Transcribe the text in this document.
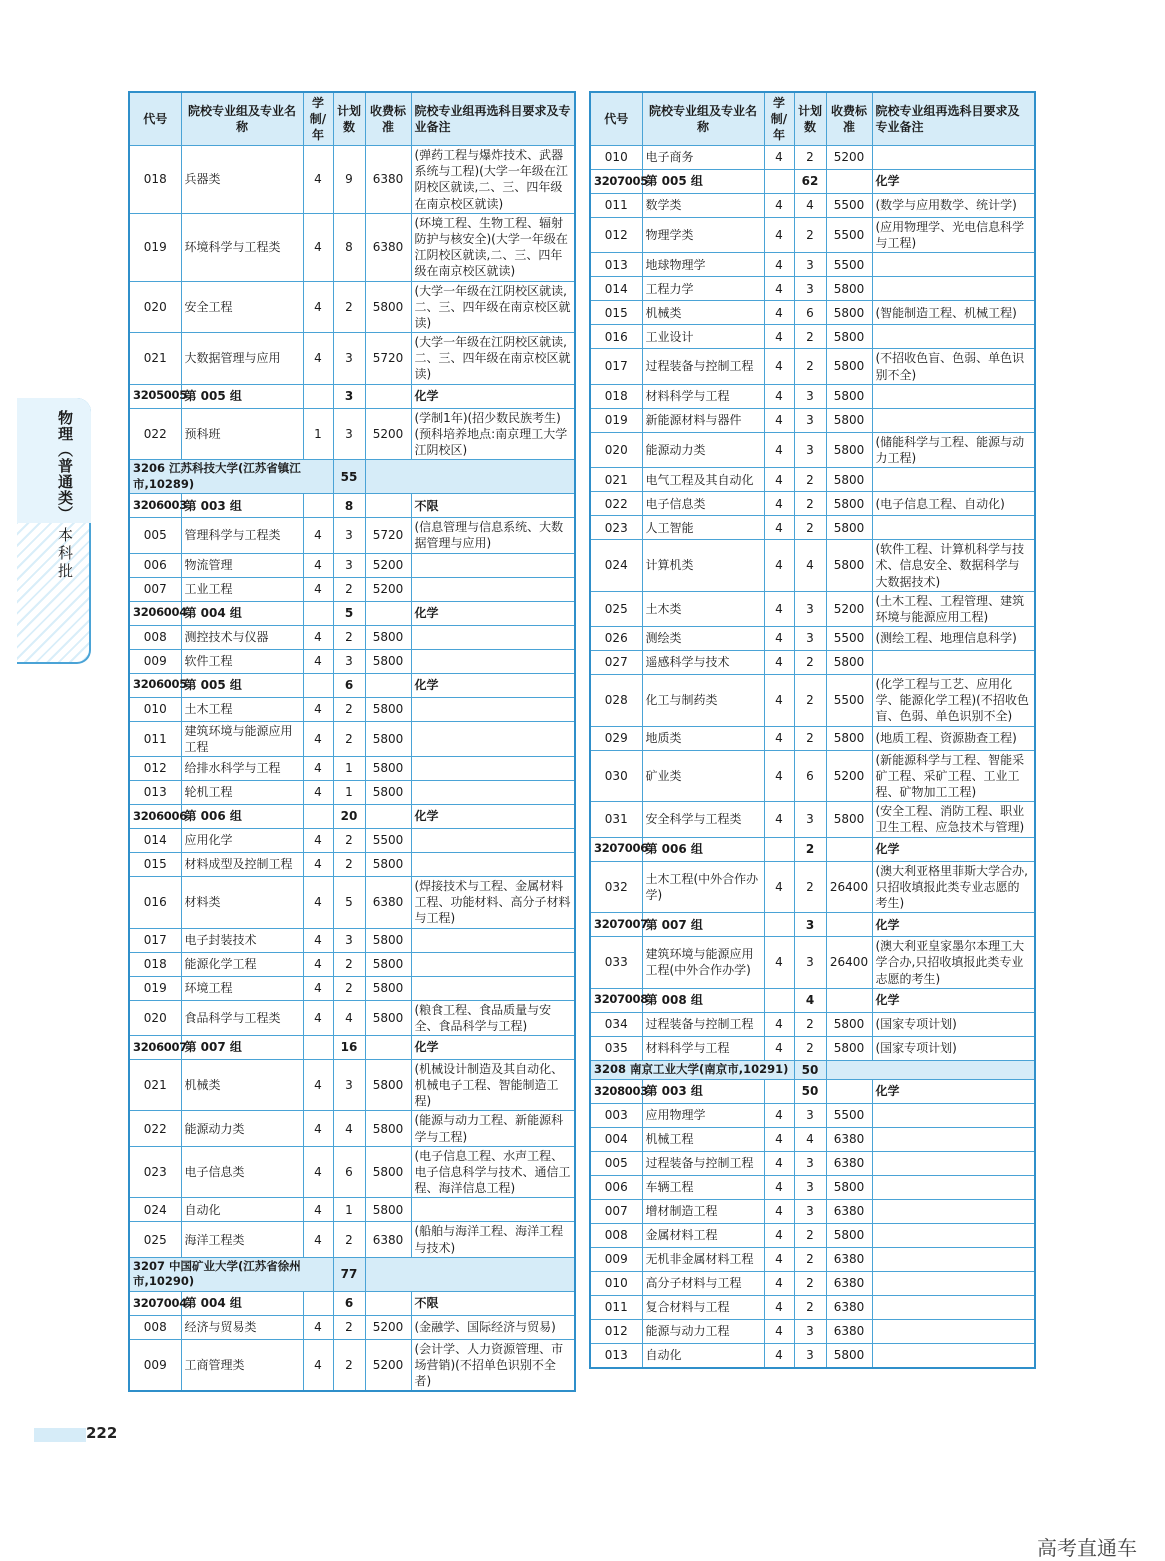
物理（普通类）
本科批
代号	院校专业组及专业名称	学制/年	计划数	收费标准	院校专业组再选科目要求及专业备注
018	兵器类	4	9	6380	(弹药工程与爆炸技术、武器系统与工程)(大学一年级在江阴校区就读,二、三、四年级在南京校区就读)
019	环境科学与工程类	4	8	6380	(环境工程、生物工程、辐射防护与核安全)(大学一年级在江阴校区就读,二、三、四年级在南京校区就读)
020	安全工程	4	2	5800	(大学一年级在江阴校区就读,二、三、四年级在南京校区就读)
021	大数据管理与应用	4	3	5720	(大学一年级在江阴校区就读,二、三、四年级在南京校区就读)
3205005	第 005 组		3		化学
022	预科班	1	3	5200	(学制1年)(招少数民族考生)(预科培养地点:南京理工大学江阴校区)
3206 江苏科技大学(江苏省镇江市,10289)			55		
3206003	第 003 组		8		不限
005	管理科学与工程类	4	3	5720	(信息管理与信息系统、大数据管理与应用)
006	物流管理	4	3	5200	
007	工业工程	4	2	5200	
3206004	第 004 组		5		化学
008	测控技术与仪器	4	2	5800	
009	软件工程	4	3	5800	
3206005	第 005 组		6		化学
010	土木工程	4	2	5800	
011	建筑环境与能源应用工程	4	2	5800	
012	给排水科学与工程	4	1	5800	
013	轮机工程	4	1	5800	
3206006	第 006 组		20		化学
014	应用化学	4	2	5500	
015	材料成型及控制工程	4	2	5800	
016	材料类	4	5	6380	(焊接技术与工程、金属材料工程、功能材料、高分子材料与工程)
017	电子封装技术	4	3	5800	
018	能源化学工程	4	2	5800	
019	环境工程	4	2	5800	
020	食品科学与工程类	4	4	5800	(粮食工程、食品质量与安全、食品科学与工程)
3206007	第 007 组		16		化学
021	机械类	4	3	5800	(机械设计制造及其自动化、机械电子工程、智能制造工程)
022	能源动力类	4	4	5800	(能源与动力工程、新能源科学与工程)
023	电子信息类	4	6	5800	(电子信息工程、水声工程、电子信息科学与技术、通信工程、海洋信息工程)
024	自动化	4	1	5800	
025	海洋工程类	4	2	6380	(船舶与海洋工程、海洋工程与技术)
3207 中国矿业大学(江苏省徐州市,10290)			77		
3207004	第 004 组		6		不限
008	经济与贸易类	4	2	5200	(金融学、国际经济与贸易)
009	工商管理类	4	2	5200	(会计学、人力资源管理、市场营销)(不招单色识别不全者)
代号	院校专业组及专业名称	学制/年	计划数	收费标准	院校专业组再选科目要求及专业备注
010	电子商务	4	2	5200	
3207005	第 005 组		62		化学
011	数学类	4	4	5500	(数学与应用数学、统计学)
012	物理学类	4	2	5500	(应用物理学、光电信息科学与工程)
013	地球物理学	4	3	5500	
014	工程力学	4	3	5800	
015	机械类	4	6	5800	(智能制造工程、机械工程)
016	工业设计	4	2	5800	
017	过程装备与控制工程	4	2	5800	(不招收色盲、色弱、单色识别不全)
018	材料科学与工程	4	3	5800	
019	新能源材料与器件	4	3	5800	
020	能源动力类	4	3	5800	(储能科学与工程、能源与动力工程)
021	电气工程及其自动化	4	2	5800	
022	电子信息类	4	2	5800	(电子信息工程、自动化)
023	人工智能	4	2	5800	
024	计算机类	4	4	5800	(软件工程、计算机科学与技术、信息安全、数据科学与大数据技术)
025	土木类	4	3	5200	(土木工程、工程管理、建筑环境与能源应用工程)
026	测绘类	4	3	5500	(测绘工程、地理信息科学)
027	遥感科学与技术	4	2	5800	
028	化工与制药类	4	2	5500	(化学工程与工艺、应用化学、能源化学工程)(不招收色盲、色弱、单色识别不全)
029	地质类	4	2	5800	(地质工程、资源勘查工程)
030	矿业类	4	6	5200	(新能源科学与工程、智能采矿工程、采矿工程、工业工程、矿物加工工程)
031	安全科学与工程类	4	3	5800	(安全工程、消防工程、职业卫生工程、应急技术与管理)
3207006	第 006 组		2		化学
032	土木工程(中外合作办学)	4	2	26400	(澳大利亚格里菲斯大学合办,只招收填报此类专业志愿的考生)
3207007	第 007 组		3		化学
033	建筑环境与能源应用工程(中外合作办学)	4	3	26400	(澳大利亚皇家墨尔本理工大学合办,只招收填报此类专业志愿的考生)
3207008	第 008 组		4		化学
034	过程装备与控制工程	4	2	5800	(国家专项计划)
035	材料科学与工程	4	2	5800	(国家专项计划)
3208 南京工业大学(南京市,10291)			50		
3208003	第 003 组		50		化学
003	应用物理学	4	3	5500	
004	机械工程	4	4	6380	
005	过程装备与控制工程	4	3	6380	
006	车辆工程	4	3	5800	
007	增材制造工程	4	3	6380	
008	金属材料工程	4	2	5800	
009	无机非金属材料工程	4	2	6380	
010	高分子材料与工程	4	2	6380	
011	复合材料与工程	4	2	6380	
012	能源与动力工程	4	3	6380	
013	自动化	4	3	5800	
222
高考直通车
